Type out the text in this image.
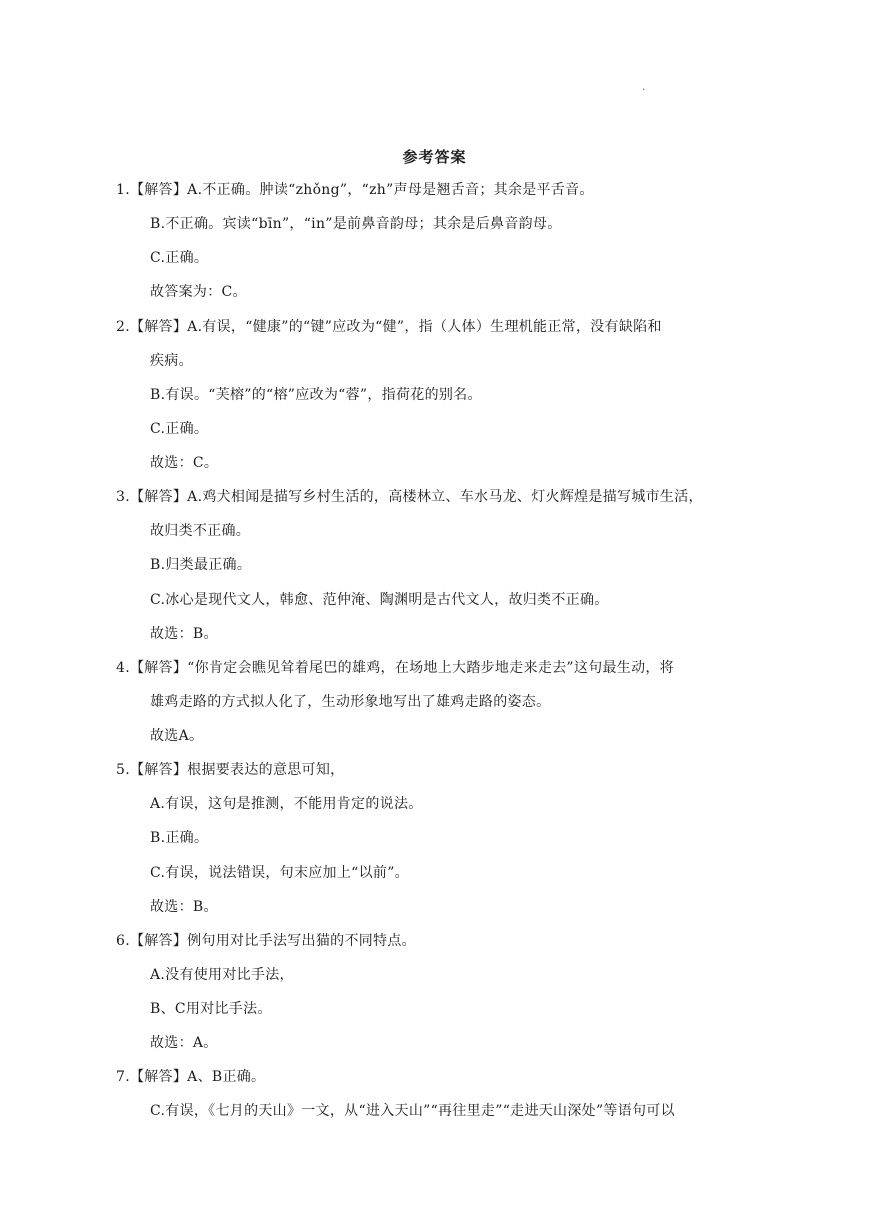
.
参考答案
1.【解答】A.不正确。肿读“zhǒng”，“zh”声母是翘舌音；其余是平舌音。
B.不正确。宾读“bīn”，“in”是前鼻音韵母；其余是后鼻音韵母。
C.正确。
故答案为：C。
2.【解答】A.有误，“健康”的“键”应改为“健”，指（人体）生理机能正常，没有缺陷和
疾病。
B.有误。“芙榕”的“榕”应改为“蓉”，指荷花的别名。
C.正确。
故选：C。
3.【解答】A.鸡犬相闻是描写乡村生活的，高楼林立、车水马龙、灯火辉煌是描写城市生活，
故归类不正确。
B.归类最正确。
C.冰心是现代文人，韩愈、范仲淹、陶渊明是古代文人，故归类不正确。
故选：B。
4.【解答】“你肯定会瞧见耸着尾巴的雄鸡，在场地上大踏步地走来走去”这句最生动，将
雄鸡走路的方式拟人化了，生动形象地写出了雄鸡走路的姿态。
故选A。
5.【解答】根据要表达的意思可知，
A.有误，这句是推测，不能用肯定的说法。
B.正确。
C.有误，说法错误，句末应加上“以前”。
故选：B。
6.【解答】例句用对比手法写出猫的不同特点。
A.没有使用对比手法，
B、C用对比手法。
故选：A。
7.【解答】A、B正确。
C.有误，《七月的天山》一文，从“进入天山”“再往里走”“走进天山深处”等语句可以
